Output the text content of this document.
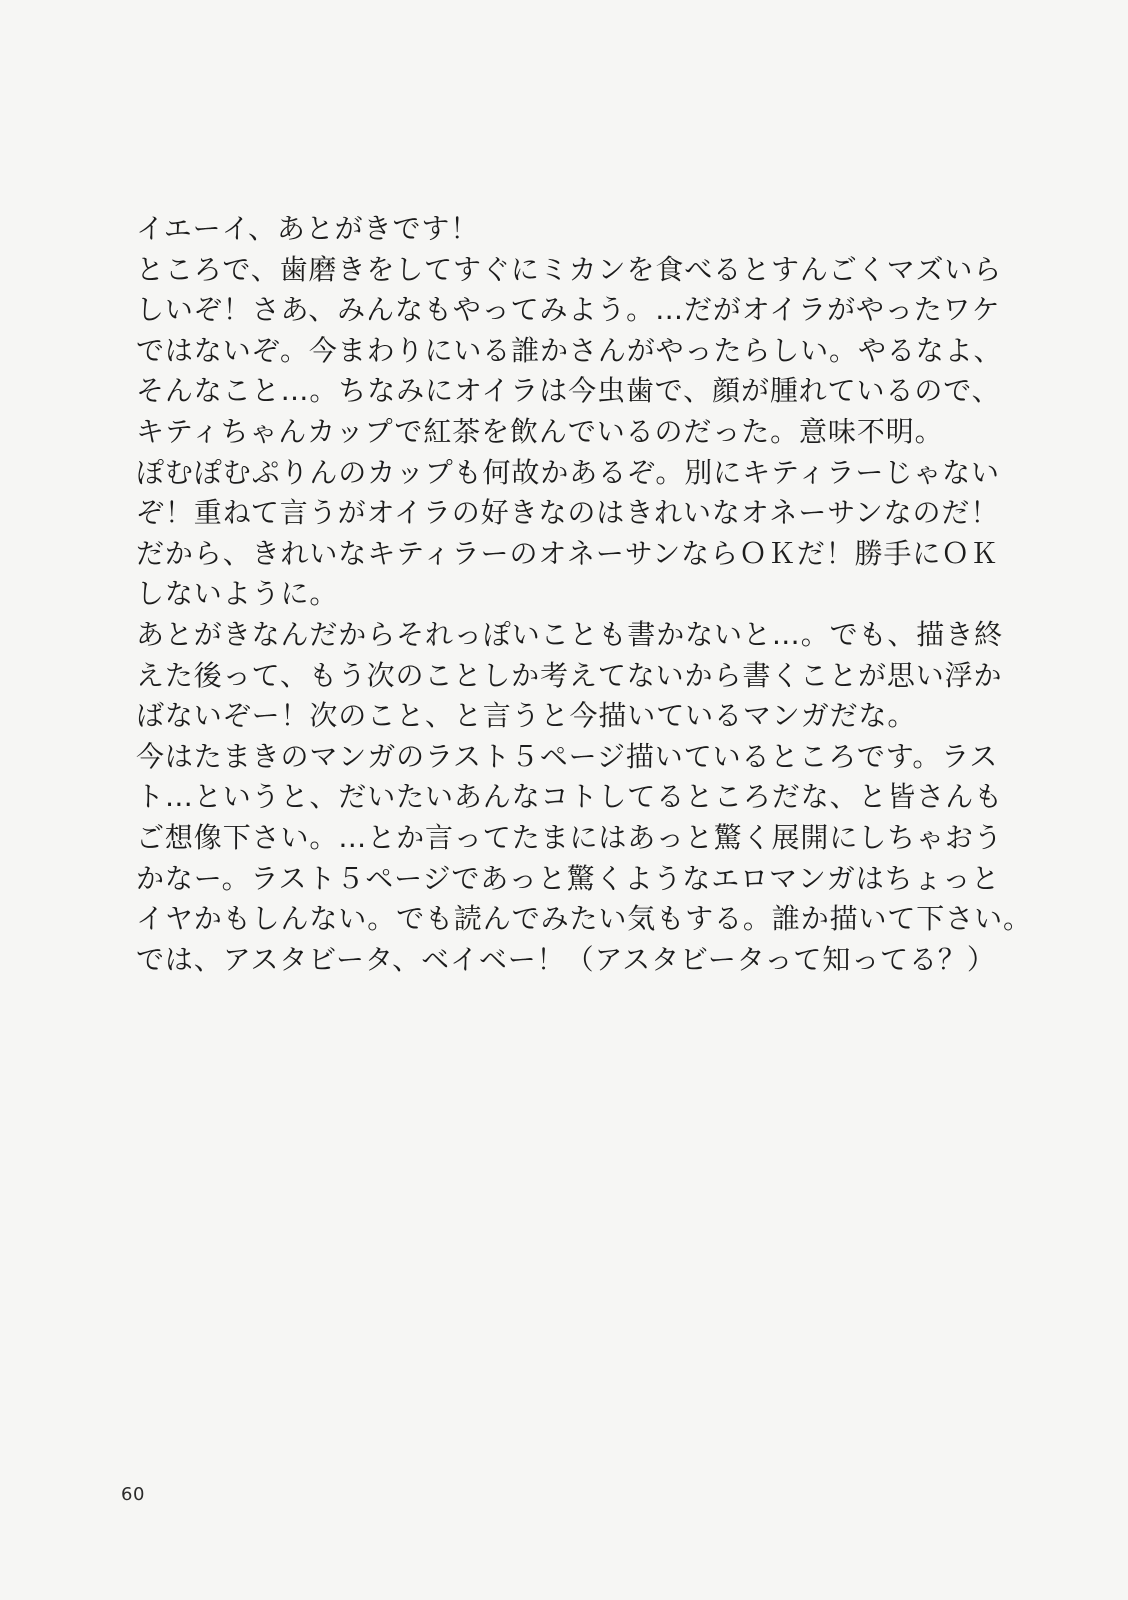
イエーイ、あとがきです！
ところで、歯磨きをしてすぐにミカンを食べるとすんごくマズいら
しいぞ！さあ、みんなもやってみよう。…だがオイラがやったワケ
ではないぞ。今まわりにいる誰かさんがやったらしい。やるなよ、
そんなこと…。ちなみにオイラは今虫歯で、顔が腫れているので、
キティちゃんカップで紅茶を飲んでいるのだった。意味不明。
ぽむぽむぷりんのカップも何故かあるぞ。別にキティラーじゃない
ぞ！重ねて言うがオイラの好きなのはきれいなオネーサンなのだ！
だから、きれいなキティラーのオネーサンならＯＫだ！勝手にＯＫ
しないように。
あとがきなんだからそれっぽいことも書かないと…。でも、描き終
えた後って、もう次のことしか考えてないから書くことが思い浮か
ばないぞー！次のこと、と言うと今描いているマンガだな。
今はたまきのマンガのラスト５ページ描いているところです。ラス
ト…というと、だいたいあんなコトしてるところだな、と皆さんも
ご想像下さい。…とか言ってたまにはあっと驚く展開にしちゃおう
かなー。ラスト５ページであっと驚くようなエロマンガはちょっと
イヤかもしんない。でも読んでみたい気もする。誰か描いて下さい。
では、アスタビータ、ベイベー！（アスタビータって知ってる？）
60
